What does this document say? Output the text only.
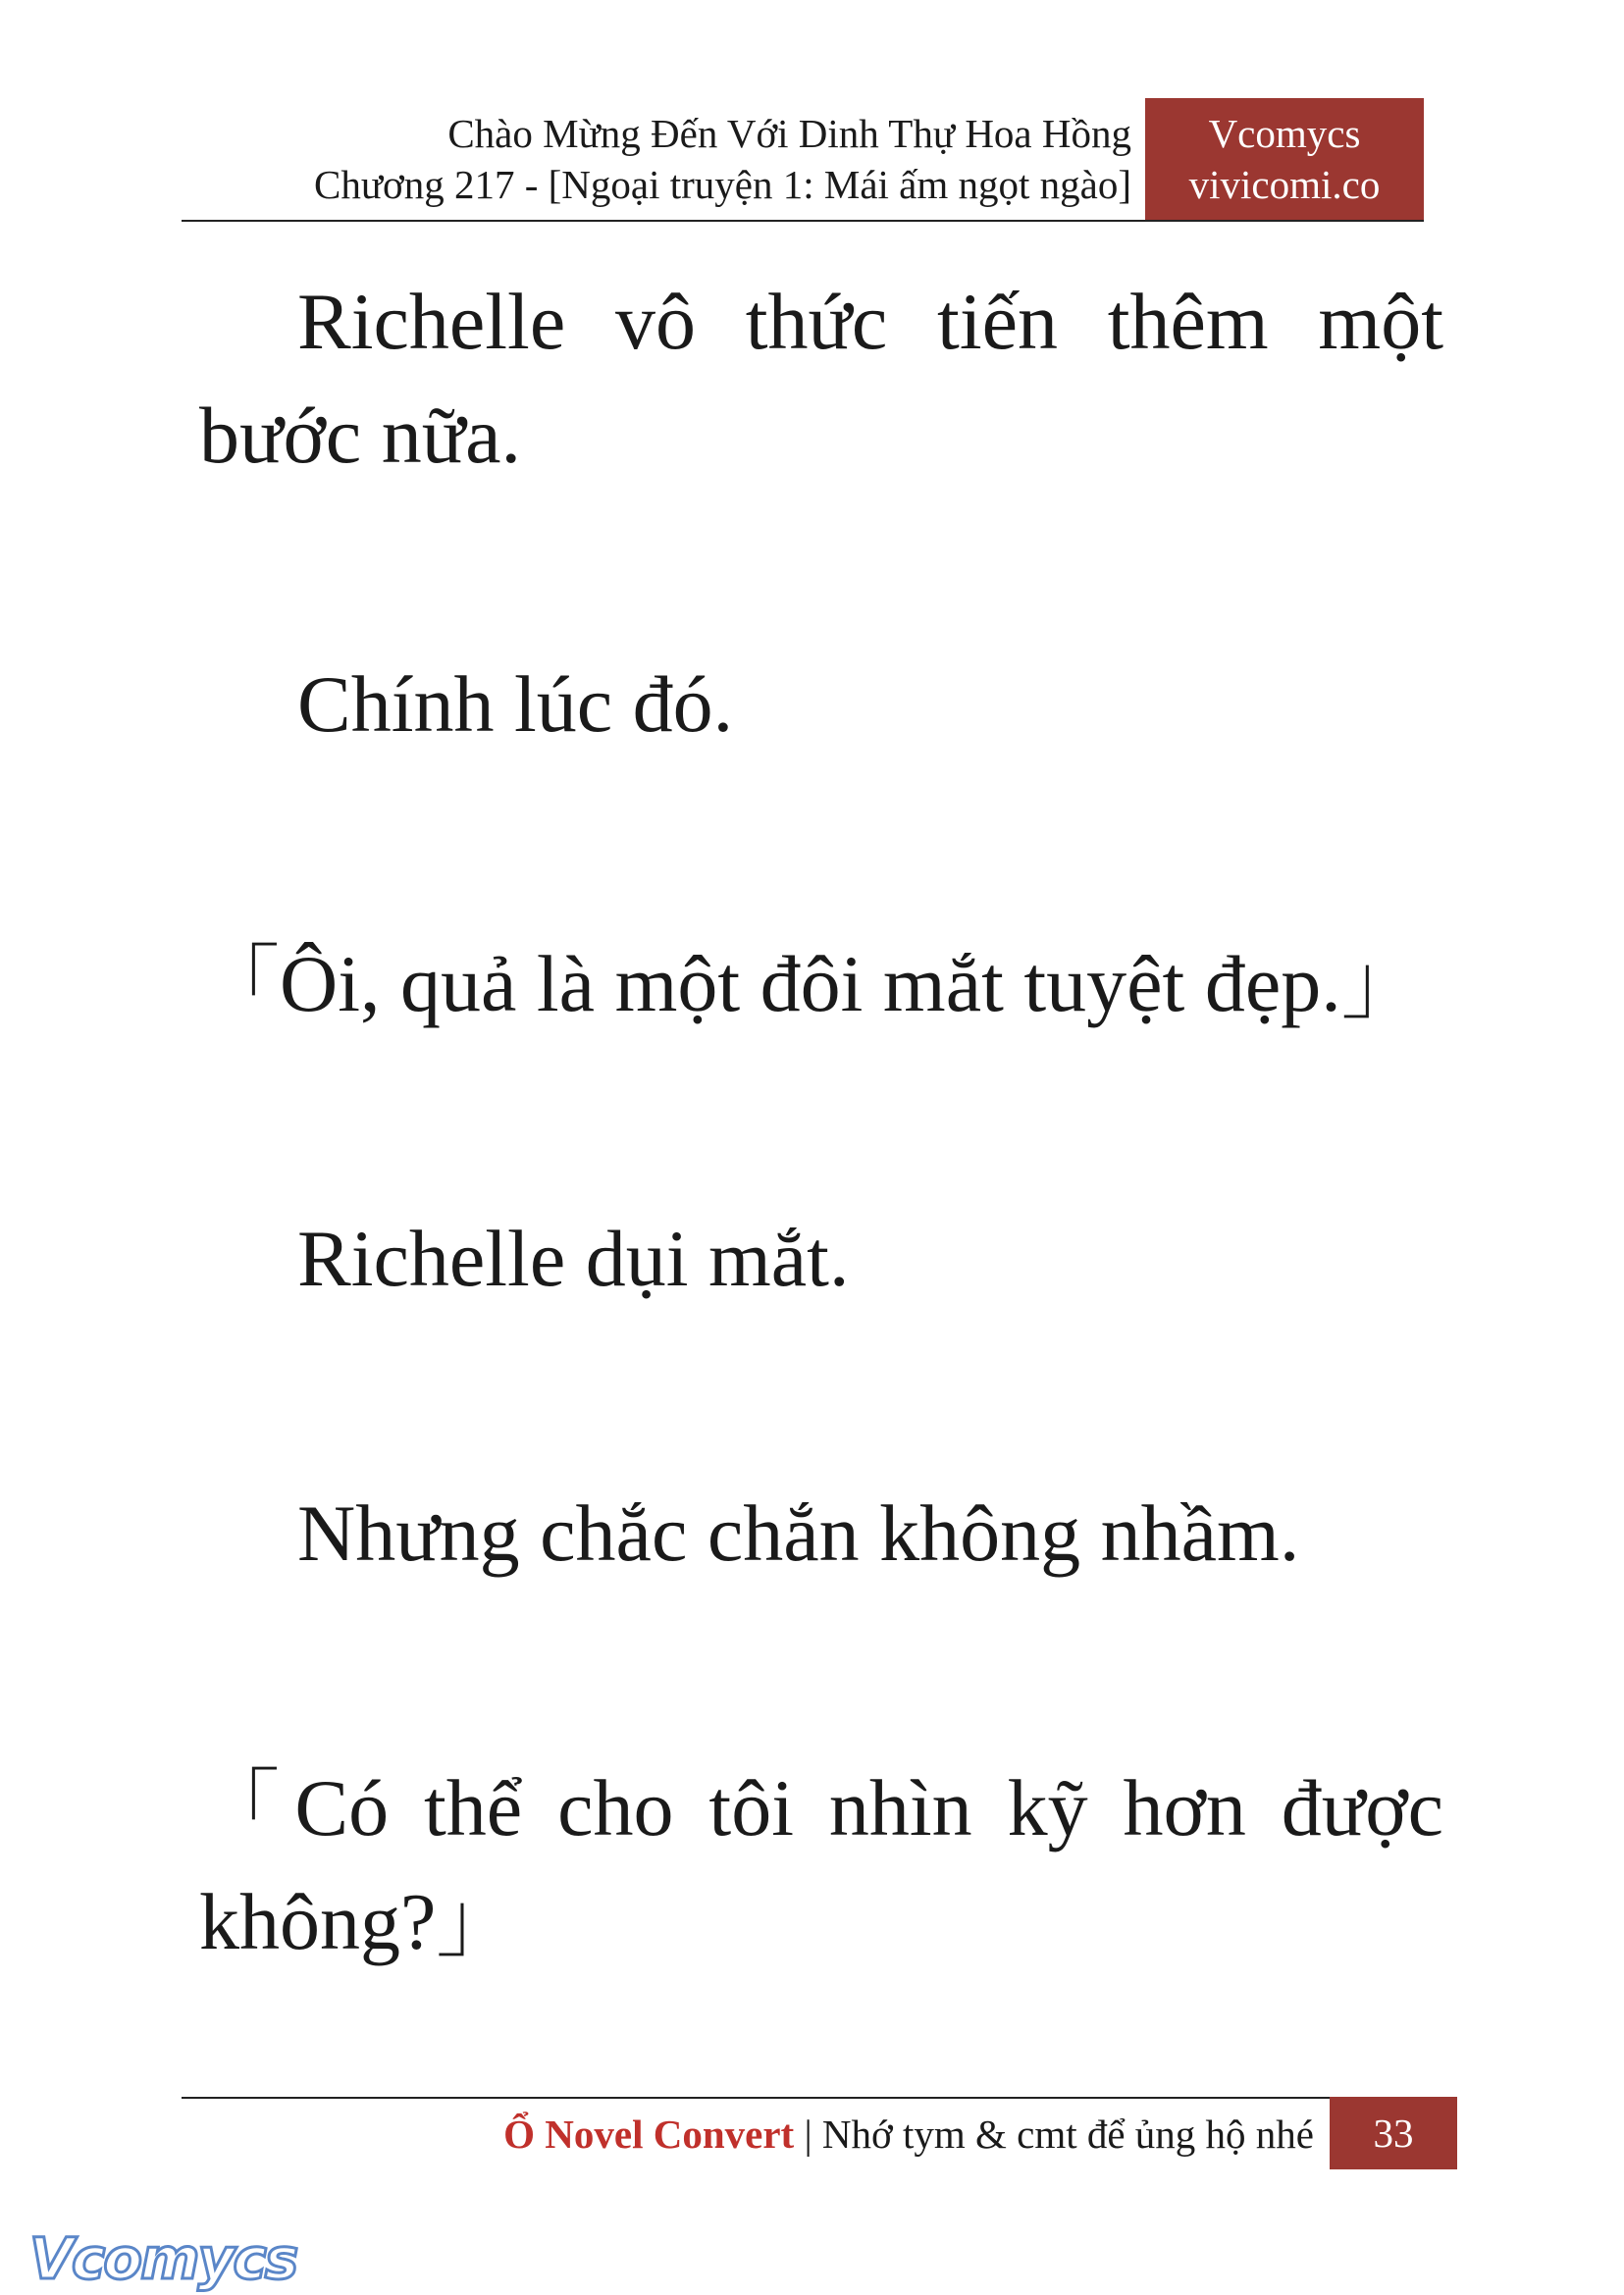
Chào Mừng Đến Với Dinh Thự Hoa Hồng
Chương 217 - [Ngoại truyện 1: Mái ấm ngọt ngào]
Vcomycs
vivicomi.co

Richelle vô thức tiến thêm một bước nữa.

Chính lúc đó.

「Ôi, quả là một đôi mắt tuyệt đẹp.」

Richelle dụi mắt.

Nhưng chắc chắn không nhầm.

「Có thể cho tôi nhìn kỹ hơn được không?」

Ổ Novel Convert | Nhớ tym & cmt để ủng hộ nhé	33
Vcomycs
